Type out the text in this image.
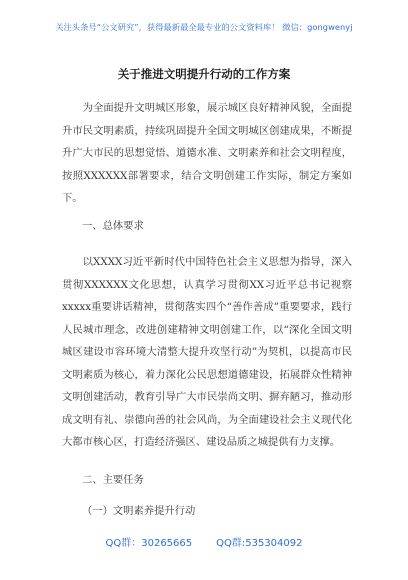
关注头条号“公文研究”，获得最新最全最专业的公文资料库！ 微信：gongwenyj
关于推进文明提升行动的工作方案

为全面提升文明城区形象，展示城区良好精神风貌，全面提升市民文明素质，持续巩固提升全国文明城区创建成果，不断提升广大市民的思想觉悟、道德水准、文明素养和社会文明程度，按照XXXXXX部署要求，结合文明创建工作实际，制定方案如下。

一、总体要求

以XXXX习近平新时代中国特色社会主义思想为指导，深入贯彻XXXXXX文化思想，认真学习贯彻XX习近平总书记视察xxxxx重要讲话精神，贯彻落实四个“善作善成”重要要求，践行人民城市理念，改进创建精神文明创建工作，以“深化全国文明城区建设市容环境大清整大提升攻坚行动”为契机，以提高市民文明素质为核心，着力深化公民思想道德建设，拓展群众性精神文明创建活动，教育引导广大市民崇尚文明、摒弃陋习，推动形成文明有礼、崇德向善的社会风尚，为全面建设社会主义现代化大都市核心区，打造经济强区、建设品质之城提供有力支撑。

二、主要任务
（一）文明素养提升行动
QQ群：30265665 QQ群:535304092
